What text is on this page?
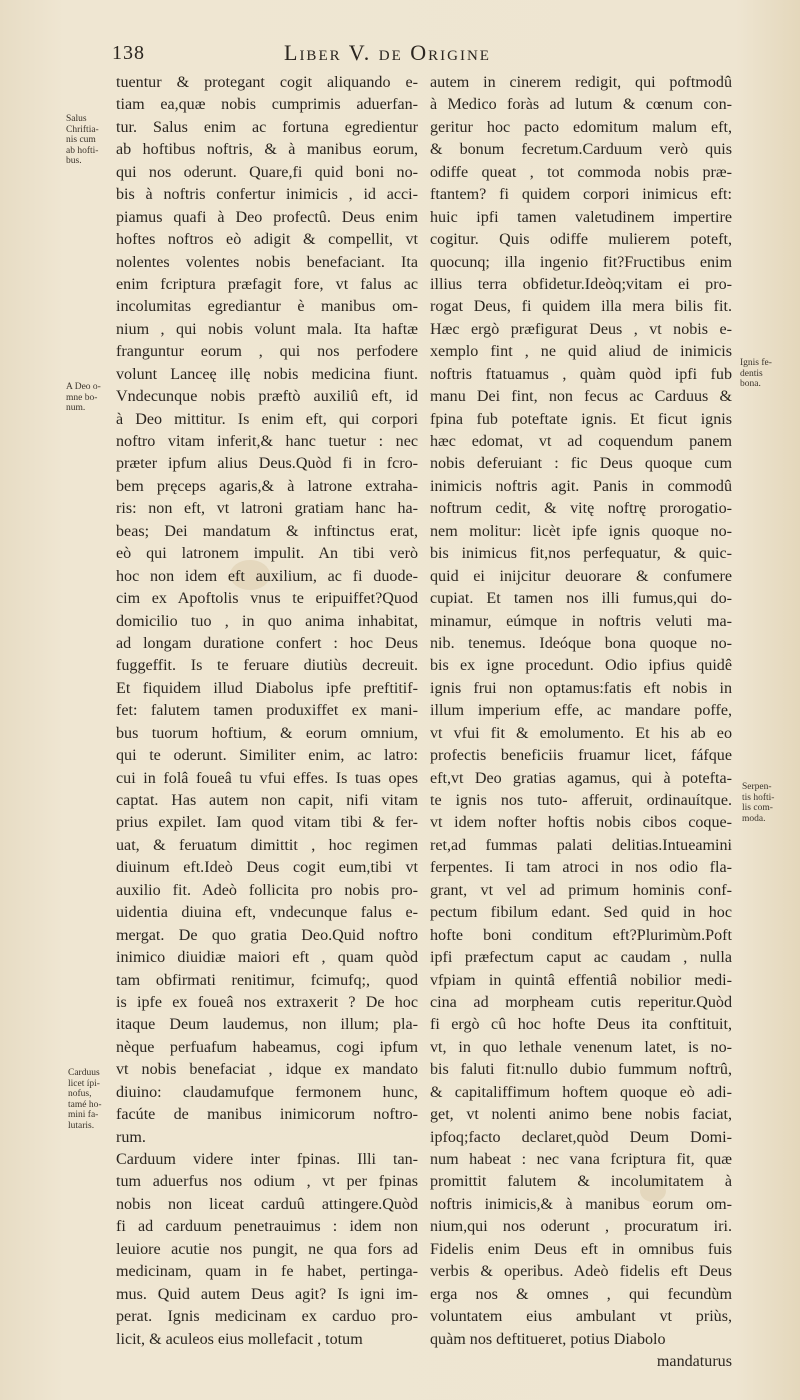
138	Liber V. de Origine
Salus
Chriftia-
nis cum
ab hofti-
bus.
A Deo o-
mne bo-
num.
Carduus
licet ípi-
nofus,
tamé ho-
mini fa-
lutaris.
Ignis fe-
dentis
bona.
Serpen-
tis hofti-
lis com-
moda.
tuentur & protegant cogit aliquando e-
tiam ea,quæ nobis cumprimis aduerfan-
tur. Salus enim ac fortuna egredientur
ab hoftibus noftris, & à manibus eorum,
qui nos oderunt. Quare,fi quid boni no-
bis à noftris confertur inimicis , id acci-
piamus quafi à Deo profectû. Deus enim
hoftes noftros eò adigit & compellit, vt
nolentes volentes nobis benefaciant. Ita
enim fcriptura præfagit fore, vt falus ac
incolumitas egrediantur è manibus om-
nium , qui nobis volunt mala. Ita haftæ
franguntur eorum , qui nos perfodere
volunt Lanceę illę nobis medicina fiunt.
Vndecunque nobis præftò auxiliû eft, id
à Deo mittitur. Is enim eft, qui corpori
noftro vitam inferit,& hanc tuetur : nec
præter ipfum alius Deus.Quòd fi in fcro-
bem pręceps agaris,& à latrone extraha-
ris: non eft, vt latroni gratiam hanc ha-
beas; Dei mandatum & inftinctus erat,
eò qui latronem impulit. An tibi verò
hoc non idem eft auxilium, ac fi duode-
cim ex Apoftolis vnus te eripuiffet?Quod
domicilio tuo , in quo anima inhabitat,
ad longam duratione confert : hoc Deus
fuggeffit. Is te feruare diutiùs decreuit.
Et fiquidem illud Diabolus ipfe preftitif-
fet: falutem tamen produxiffet ex mani-
bus tuorum hoftium, & eorum omnium,
qui te oderunt. Similiter enim, ac latro:
cui in folâ foueâ tu vfui effes. Is tuas opes
captat. Has autem non capit, nifi vitam
prius expilet. Iam quod vitam tibi & fer-
uat, & feruatum dimittit , hoc regimen
diuinum eft.Ideò Deus cogit eum,tibi vt
auxilio fit. Adeò follicita pro nobis pro-
uidentia diuina eft, vndecunque falus e-
mergat. De quo gratia Deo.Quid noftro
inimico diuidiæ maiori eft , quam quòd
tam obfirmati renitimur, fcimufq;, quod
is ipfe ex foueâ nos extraxerit ? De hoc
itaque Deum laudemus, non illum; pla-
nèque perfuafum habeamus, cogi ipfum
vt nobis benefaciat , idque ex mandato
diuino: claudamufque fermonem hunc,
facúte de manibus inimicorum noftro-
rum.
Carduum videre inter fpinas. Illi tan-
tum aduerfus nos odium , vt per fpinas
nobis non liceat carduû attingere.Quòd
fi ad carduum penetrauimus : idem non
leuiore acutie nos pungit, ne qua fors ad
medicinam, quam in fe habet, pertinga-
mus. Quid autem Deus agit? Is igni im-
perat. Ignis medicinam ex carduo pro-
licit, & aculeos eius mollefacit , totum
autem in cinerem redigit, qui poftmodû
à Medico foràs ad lutum & cœnum con-
geritur hoc pacto edomitum malum eft,
& bonum fecretum.Carduum verò quis
odiffe queat , tot commoda nobis præ-
ftantem? fi quidem corpori inimicus eft:
huic ipfi tamen valetudinem impertire
cogitur. Quis odiffe mulierem poteft,
quocunq; illa ingenio fit?Fructibus enim
illius terra obfidetur.Ideòq;vitam ei pro-
rogat Deus, fi quidem illa mera bilis fit.
Hæc ergò præfigurat Deus , vt nobis e-
xemplo fint , ne quid aliud de inimicis
noftris ftatuamus , quàm quòd ipfi fub
manu Dei fint, non fecus ac Carduus &
fpina fub poteftate ignis. Et ficut ignis
hæc edomat, vt ad coquendum panem
nobis deferuiant : fic Deus quoque cum
inimicis noftris agit. Panis in commodû
noftrum cedit, & vitę noftrę prorogatio-
nem molitur: licèt ipfe ignis quoque no-
bis inimicus fit,nos perfequatur, & quic-
quid ei inijcitur deuorare & confumere
cupiat. Et tamen nos illi fumus,qui do-
minamur, eúmque in noftris veluti ma-
nib. tenemus. Ideóque bona quoque no-
bis ex igne procedunt. Odio ipfius quidê
ignis frui non optamus:fatis eft nobis in
illum imperium effe, ac mandare poffe,
vt vfui fit & emolumento. Et his ab eo
profectis beneficiis fruamur licet, fáfque
eft,vt Deo gratias agamus, qui à potefta-
te ignis nos tuto- afferuit, ordinauítque.
vt idem nofter hoftis nobis cibos coque-
ret,ad fummas palati delitias.Intueamini
ferpentes. Ii tam atroci in nos odio fla-
grant, vt vel ad primum hominis conf-
pectum fibilum edant. Sed quid in hoc
hofte boni conditum eft?Plurimùm.Poft
ipfi præfectum caput ac caudam , nulla
vfpiam in quintâ effentiâ nobilior medi-
cina ad morpheam cutis reperitur.Quòd
fi ergò cû hoc hofte Deus ita conftituit,
vt, in quo lethale venenum latet, is no-
bis faluti fit:nullo dubio fummum noftrû,
& capitaliffimum hoftem quoque eò adi-
get, vt nolenti animo bene nobis faciat,
ipfoq;facto declaret,quòd Deum Domi-
num habeat : nec vana fcriptura fit, quæ
promittit falutem & incolumitatem à
noftris inimicis,& à manibus eorum om-
nium,qui nos oderunt , procuratum iri.
Fidelis enim Deus eft in omnibus fuis
verbis & operibus. Adeò fidelis eft Deus
erga nos & omnes , qui fecundùm
voluntatem eius ambulant vt priùs,
quàm nos deftitueret, potius Diabolo
mandaturus
